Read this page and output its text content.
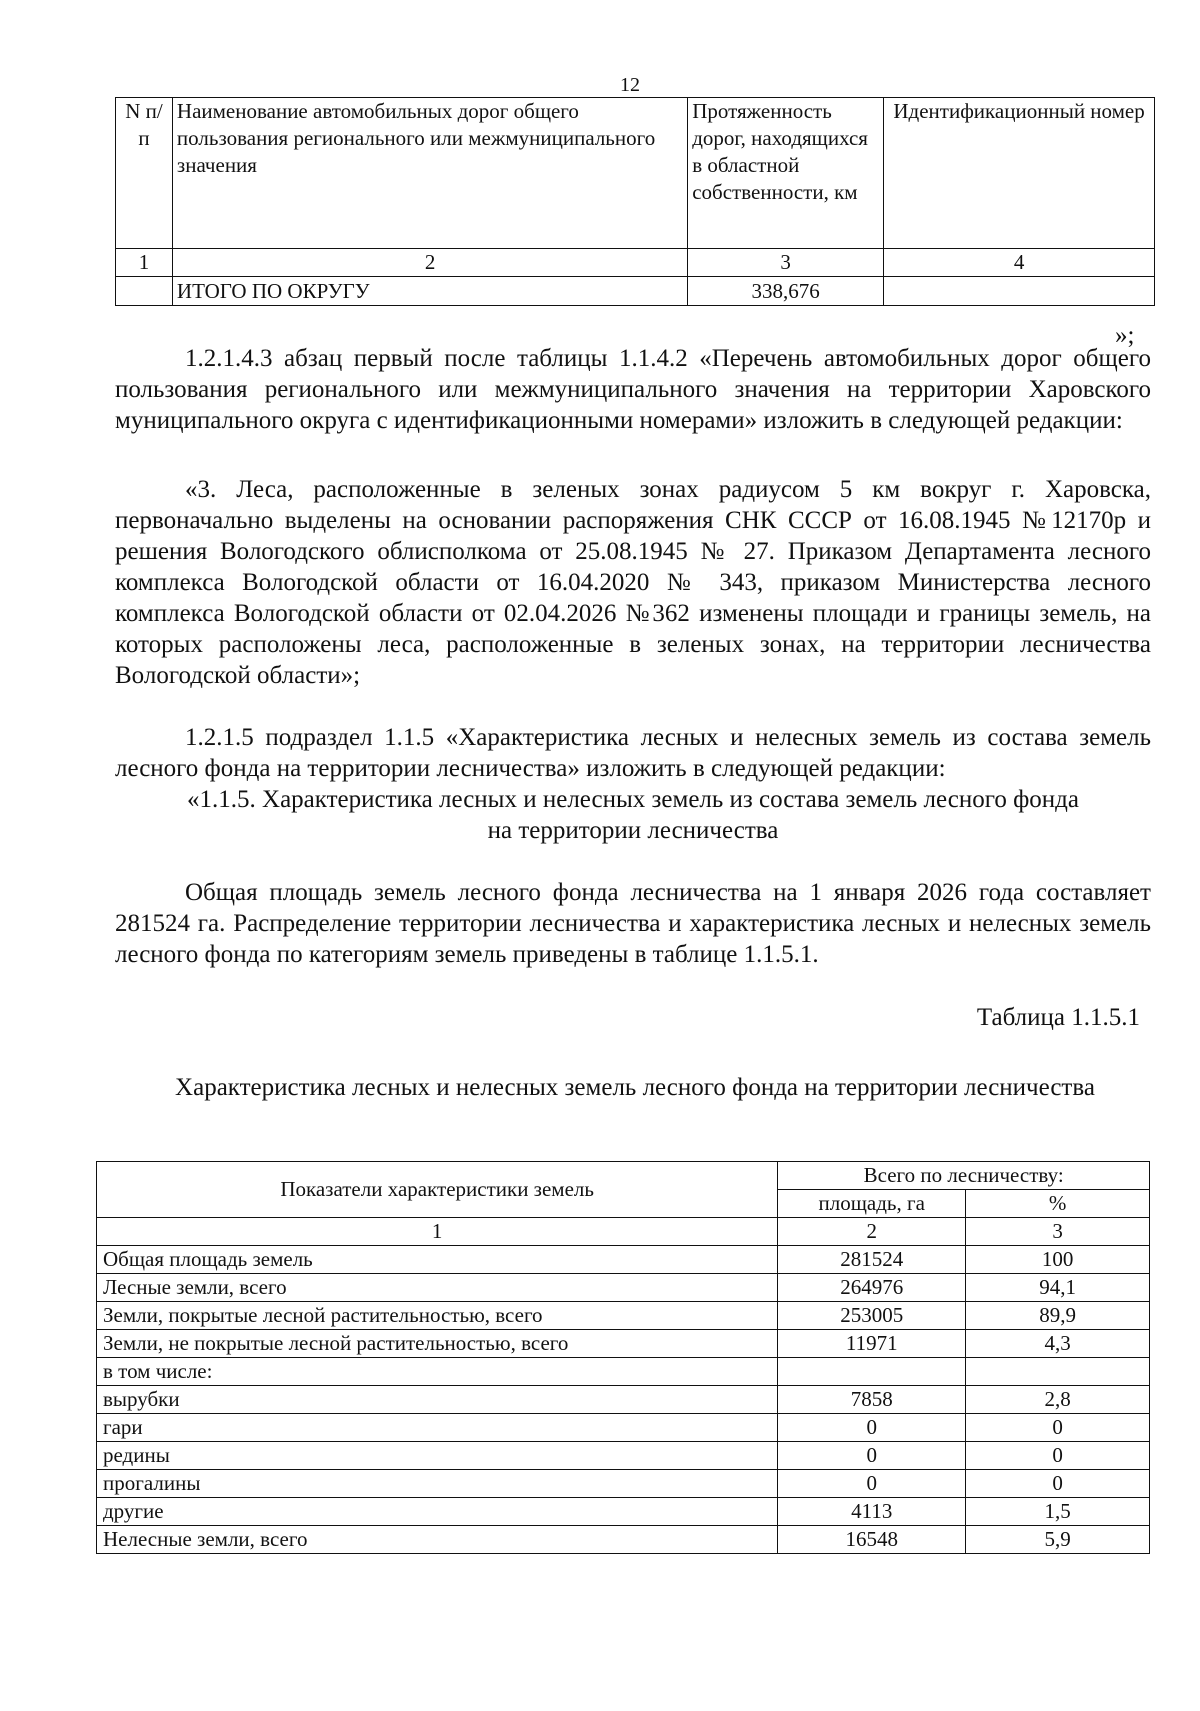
12
N п/п	Наименование автомобильных дорог общего пользования регионального или межмуниципального значения	Протяженность дорог, находящихся в областной собственности, км	Идентификационный номер
1	2	3	4
	ИТОГО ПО ОКРУГУ	338,676	
»;

1.2.1.4.3 абзац первый после таблицы 1.1.4.2 «Перечень автомобильных дорог общего пользования регионального или межмуниципального значения на территории Харовского муниципального округа с идентификационными номерами» изложить в следующей редакции:

«3. Леса, расположенные в зеленых зонах радиусом 5 км вокруг г. Харовска, первоначально выделены на основании распоряжения СНК СССР от 16.08.1945 №12170р и решения Вологодского облисполкома от 25.08.1945 № 27. Приказом Департамента лесного комплекса Вологодской области от 16.04.2020 № 343, приказом Министерства лесного комплекса Вологодской области от 02.04.2026 №362 изменены площади и границы земель, на которых расположены леса, расположенные в зеленых зонах, на территории лесничества Вологодской области»;

1.2.1.5 подраздел 1.1.5 «Характеристика лесных и нелесных земель из состава земель лесного фонда на территории лесничества» изложить в следующей редакции:

«1.1.5. Характеристика лесных и нелесных земель из состава земель лесного фонда

на территории лесничества

Общая площадь земель лесного фонда лесничества на 1 января 2026 года составляет 281524 га. Распределение территории лесничества и характеристика лесных и нелесных земель лесного фонда по категориям земель приведены в таблице 1.1.5.1.

Таблица 1.1.5.1
Характеристика лесных и нелесных земель лесного фонда на территории лесничества
Показатели характеристики земель	Всего по лесничеству:	
	площадь, га	%
1	2	3
Общая площадь земель	281524	100
Лесные земли, всего	264976	94,1
Земли, покрытые лесной растительностью, всего	253005	89,9
Земли, не покрытые лесной растительностью, всего	11971	4,3
в том числе:		
вырубки	7858	2,8
гари	0	0
редины	0	0
прогалины	0	0
другие	4113	1,5
Нелесные земли, всего	16548	5,9
